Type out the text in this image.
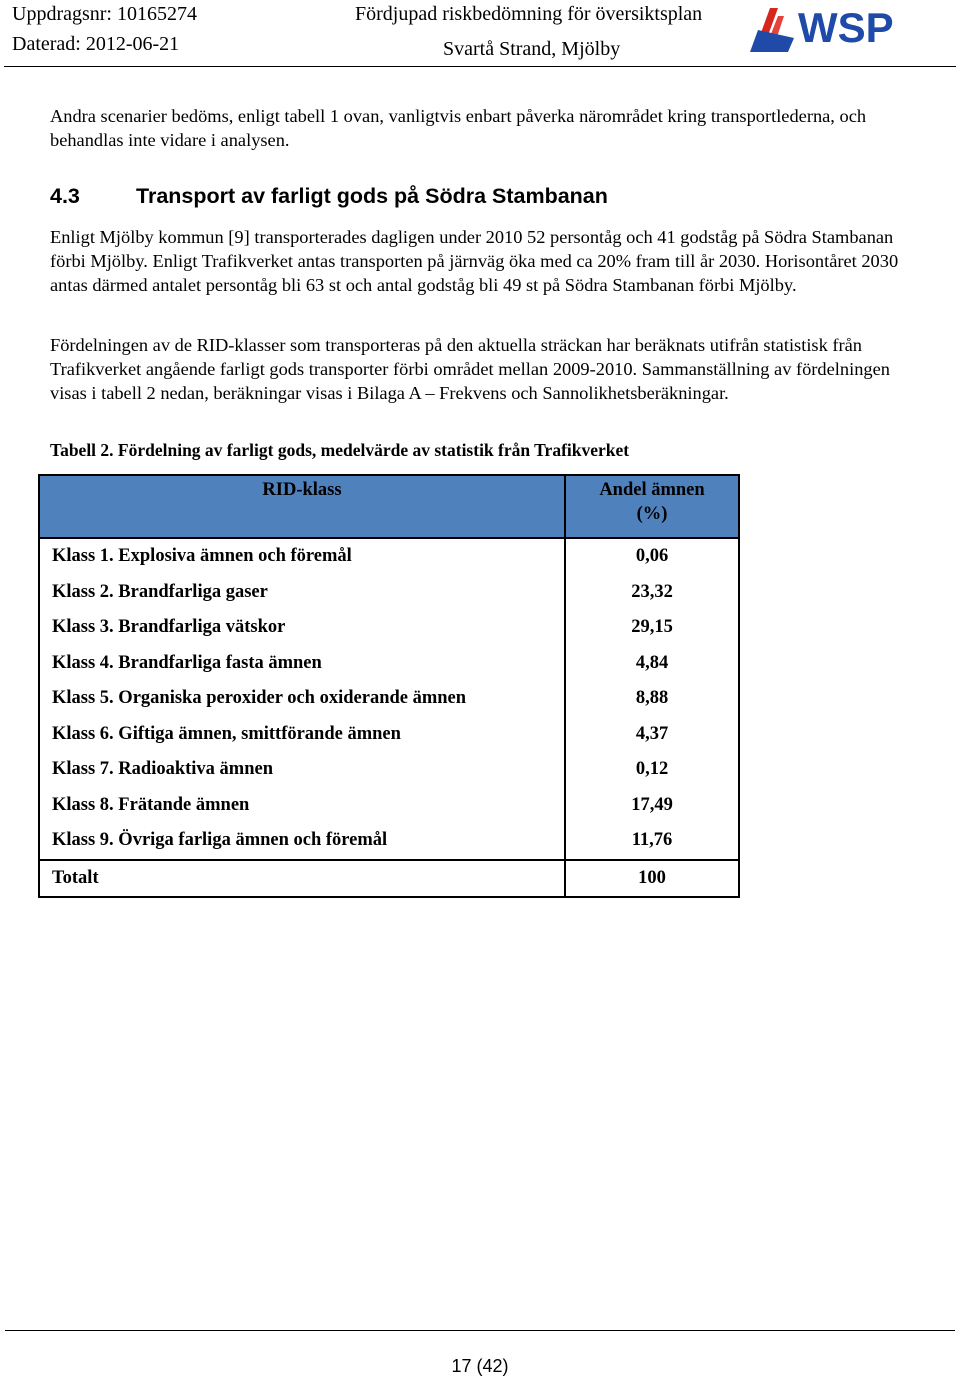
Uppdragsnr: 10165274
Daterad: 2012-06-21
Fördjupad riskbedömning för översiktsplan
Svartå Strand, Mjölby	WSP

Andra scenarier bedöms, enligt tabell 1 ovan, vanligtvis enbart påverka närområdet kring transportlederna, och behandlas inte vidare i analysen.

4.3	Transport av farligt gods på Södra Stambanan

Enligt Mjölby kommun [9] transporterades dagligen under 2010 52 persontåg och 41 godståg på Södra Stambanan förbi Mjölby. Enligt Trafikverket antas transporten på järnväg öka med ca 20% fram till år 2030. Horisontåret 2030 antas därmed antalet persontåg bli 63 st och antal godståg bli 49 st på Södra Stambanan förbi Mjölby.

Fördelningen av de RID-klasser som transporteras på den aktuella sträckan har beräknats utifrån statistisk från Trafikverket angående farligt gods transporter förbi området mellan 2009-2010. Sammanställning av fördelningen visas i tabell 2 nedan, beräkningar visas i Bilaga A – Frekvens och Sannolikhetsberäkningar.

Tabell 2. Fördelning av farligt gods, medelvärde av statistik från Trafikverket
RID-klass	Andel ämnen
(%)
Klass 1. Explosiva ämnen och föremål	0,06
Klass 2. Brandfarliga gaser	23,32
Klass 3. Brandfarliga vätskor	29,15
Klass 4. Brandfarliga fasta ämnen	4,84
Klass 5. Organiska peroxider och oxiderande ämnen	8,88
Klass 6. Giftiga ämnen, smittförande ämnen	4,37
Klass 7. Radioaktiva ämnen	0,12
Klass 8. Frätande ämnen	17,49
Klass 9. Övriga farliga ämnen och föremål	11,76
Totalt	100
17 (42)
